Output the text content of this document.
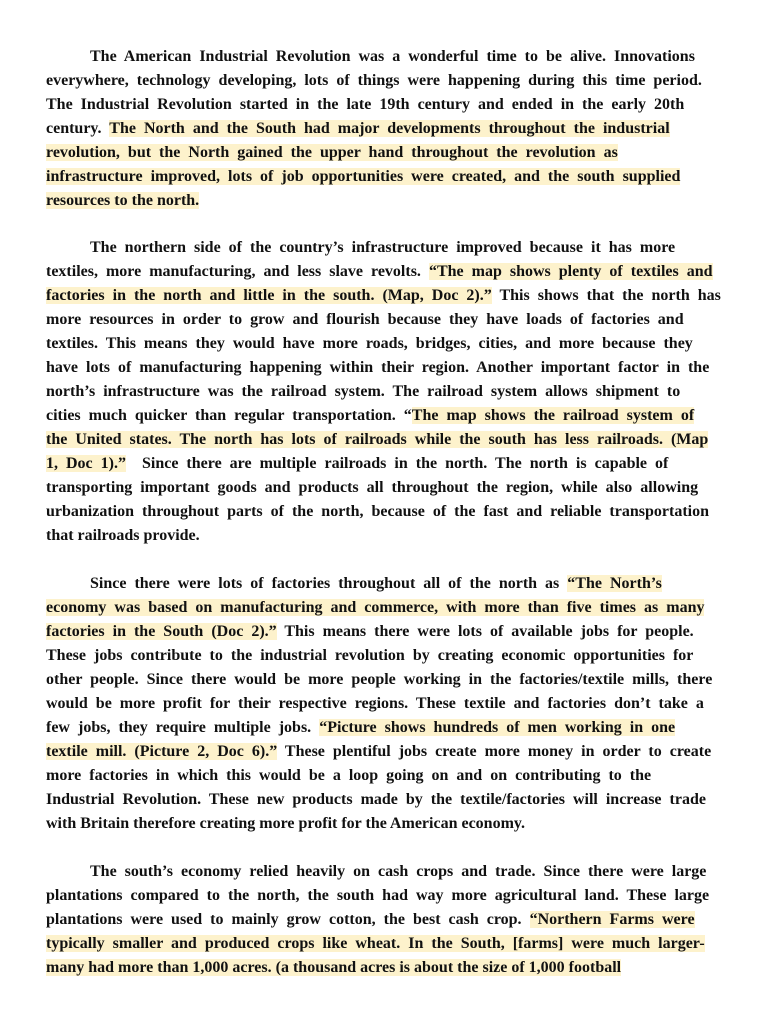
The American Industrial Revolution was a wonderful time to be alive. Innovations
everywhere, technology developing, lots of things were happening during this time period.
The Industrial Revolution started in the late 19th century and ended in the early 20th
century. The North and the South had major developments throughout the industrial
revolution, but the North gained the upper hand throughout the revolution as
infrastructure improved, lots of job opportunities were created, and the south supplied
resources to the north.
The northern side of the country’s infrastructure improved because it has more
textiles, more manufacturing, and less slave revolts. “The map shows plenty of textiles and
factories in the north and little in the south. (Map, Doc 2).” This shows that the north has
more resources in order to grow and flourish because they have loads of factories and
textiles. This means they would have more roads, bridges, cities, and more because they
have lots of manufacturing happening within their region. Another important factor in the
north’s infrastructure was the railroad system. The railroad system allows shipment to
cities much quicker than regular transportation. “The map shows the railroad system of
the United states. The north has lots of railroads while the south has less railroads. (Map
1, Doc 1).”  Since there are multiple railroads in the north. The north is capable of
transporting important goods and products all throughout the region, while also allowing
urbanization throughout parts of the north, because of the fast and reliable transportation
that railroads provide.
Since there were lots of factories throughout all of the north as “The North’s
economy was based on manufacturing and commerce, with more than five times as many
factories in the South (Doc 2).” This means there were lots of available jobs for people.
These jobs contribute to the industrial revolution by creating economic opportunities for
other people. Since there would be more people working in the factories/textile mills, there
would be more profit for their respective regions. These textile and factories don’t take a
few jobs, they require multiple jobs. “Picture shows hundreds of men working in one
textile mill. (Picture 2, Doc 6).” These plentiful jobs create more money in order to create
more factories in which this would be a loop going on and on contributing to the
Industrial Revolution. These new products made by the textile/factories will increase trade
with Britain therefore creating more profit for the American economy.
The south’s economy relied heavily on cash crops and trade. Since there were large
plantations compared to the north, the south had way more agricultural land. These large
plantations were used to mainly grow cotton, the best cash crop. “Northern Farms were
typically smaller and produced crops like wheat. In the South, [farms] were much larger-
many had more than 1,000 acres. (a thousand acres is about the size of 1,000 football
